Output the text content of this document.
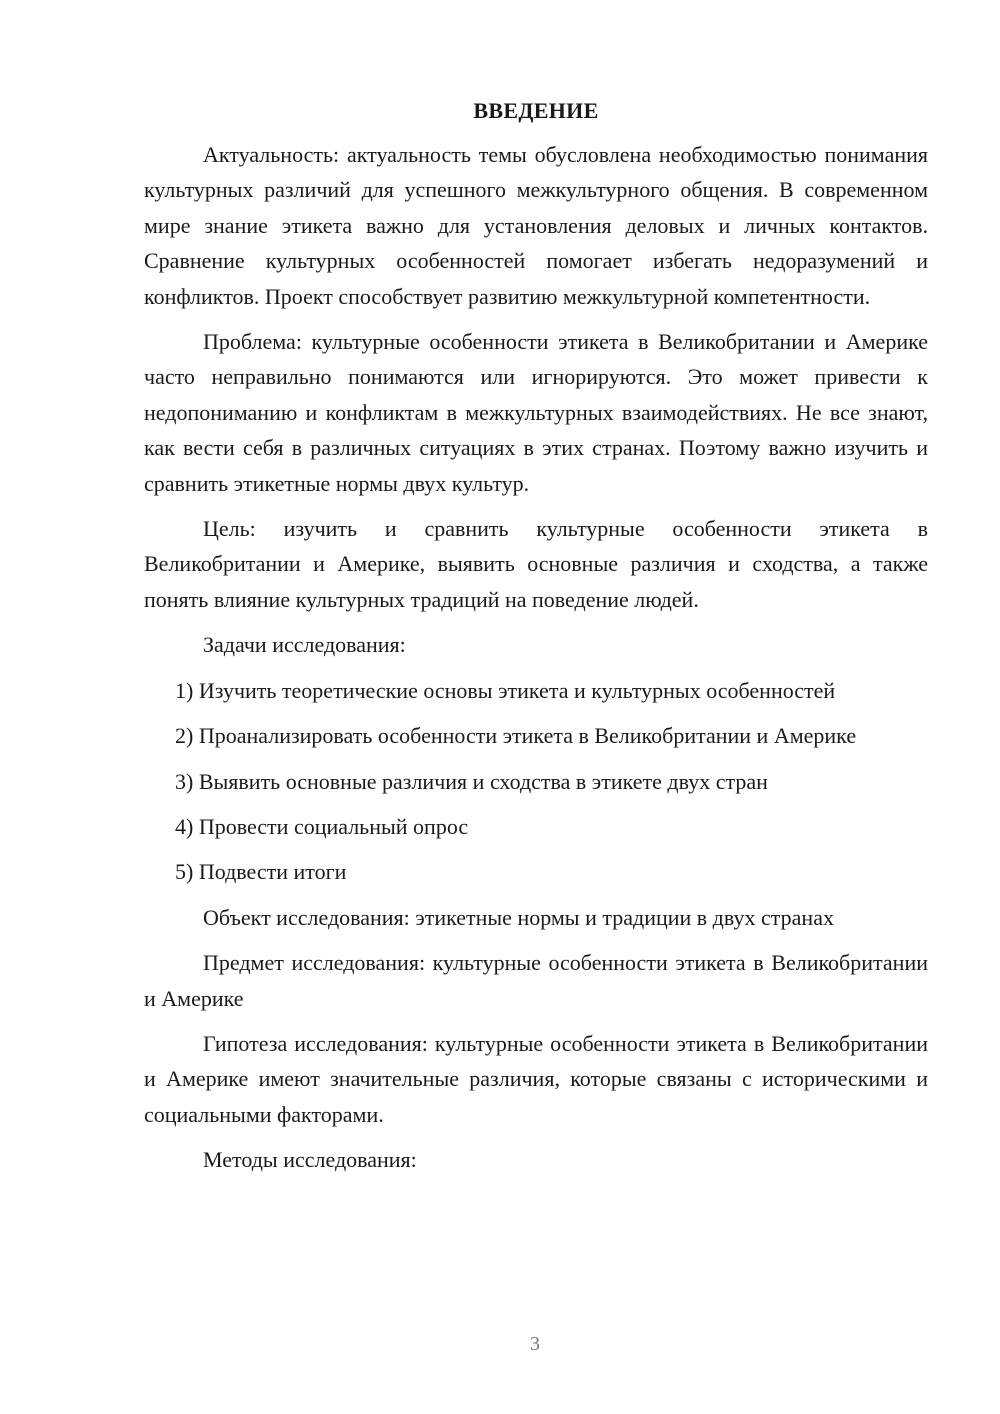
ВВЕДЕНИЕ

Актуальность: актуальность темы обусловлена необходимостью понимания культурных различий для успешного межкультурного общения. В современном мире знание этикета важно для установления деловых и личных контактов. Сравнение культурных особенностей помогает избегать недоразумений и конфликтов. Проект способствует развитию межкультурной компетентности.

Проблема: культурные особенности этикета в Великобритании и Америке часто неправильно понимаются или игнорируются. Это может привести к недопониманию и конфликтам в межкультурных взаимодействиях. Не все знают, как вести себя в различных ситуациях в этих странах. Поэтому важно изучить и сравнить этикетные нормы двух культур.

Цель: изучить и сравнить культурные особенности этикета в Великобритании и Америке, выявить основные различия и сходства, а также понять влияние культурных традиций на поведение людей.

Задачи исследования:

1) Изучить теоретические основы этикета и культурных особенностей

2) Проанализировать особенности этикета в Великобритании и Америке

3) Выявить основные различия и сходства в этикете двух стран

4) Провести социальный опрос

5) Подвести итоги

Объект исследования: этикетные нормы и традиции в двух странах

Предмет исследования: культурные особенности этикета в Великобритании и Америке

Гипотеза исследования: культурные особенности этикета в Великобритании и Америке имеют значительные различия, которые связаны с историческими и социальными факторами.

Методы исследования:

3
